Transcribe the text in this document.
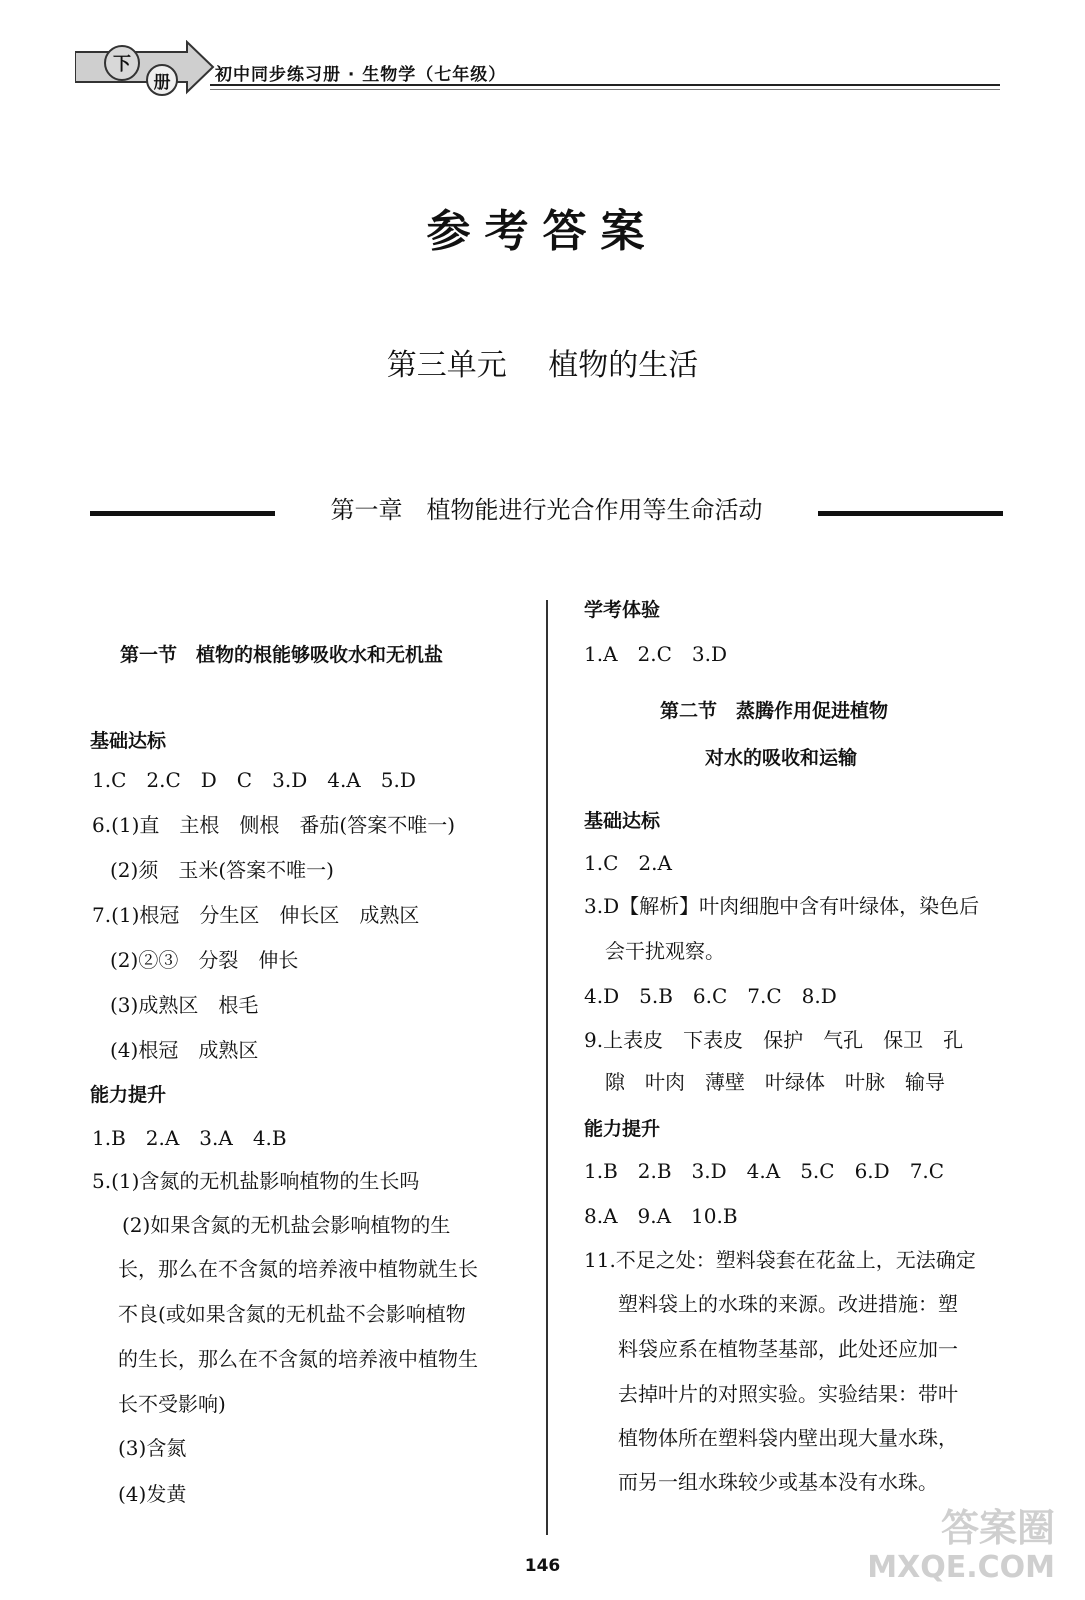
下
册	初中同步练习册 · 生物学（七年级）
参考答案
第三单元 植物的生活
第一章　 植物能进行光合作用等生命活动
第一节　植物的根能够吸收水和无机盐
基础达标
1.C　2.C　D　C　3.D　4.A　5.D
6.(1)直　主根　侧根　番茄(答案不唯一)
(2)须　玉米(答案不唯一)
7.(1)根冠　分生区　伸长区　成熟区
(2)②③　分裂　伸长
(3)成熟区　根毛
(4)根冠　成熟区
能力提升
1.B　2.A　3.A　4.B
5.(1)含氮的无机盐影响植物的生长吗
(2)如果含氮的无机盐会影响植物的生
长，那么在不含氮的培养液中植物就生长
不良(或如果含氮的无机盐不会影响植物
的生长，那么在不含氮的培养液中植物生
长不受影响)
(3)含氮
(4)发黄
学考体验
1.A　2.C　3.D
第二节　蒸腾作用促进植物
对水的吸收和运输
基础达标
1.C　2.A
3.D【解析】叶肉细胞中含有叶绿体，染色后
会干扰观察。
4.D　5.B　6.C　7.C　8.D
9.上表皮　下表皮　保护　气孔　保卫　孔
隙　叶肉　薄壁　叶绿体　叶脉　输导
能力提升
1.B　2.B　3.D　4.A　5.C　6.D　7.C
8.A　9.A　10.B
11.不足之处：塑料袋套在花盆上，无法确定
塑料袋上的水珠的来源。改进措施：塑
料袋应系在植物茎基部，此处还应加一
去掉叶片的对照实验。实验结果：带叶
植物体所在塑料袋内壁出现大量水珠，
而另一组水珠较少或基本没有水珠。
146
答案圈
MXQE.COM
